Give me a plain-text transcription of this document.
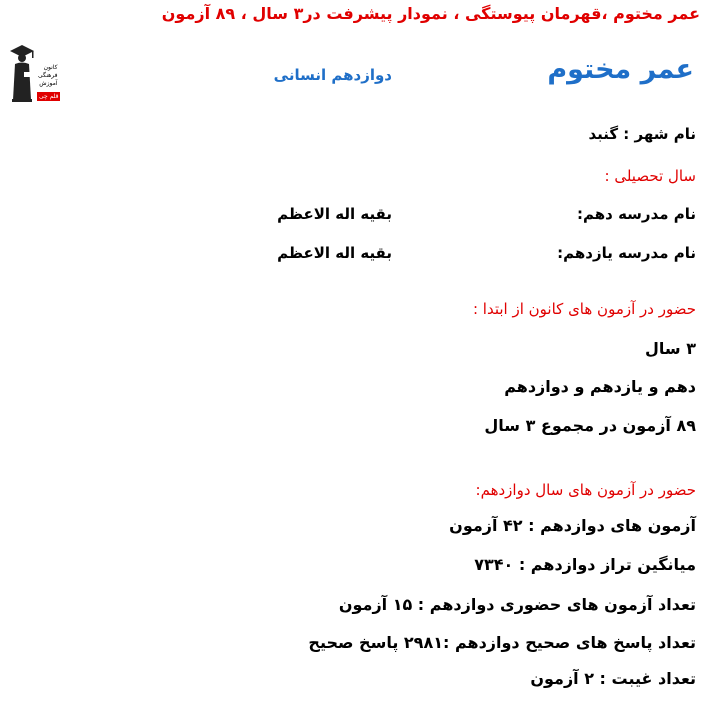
عمر مختوم ،قهرمان پیوستگی ، نمودار پیشرفت در۳ سال ، ۸۹ آزمون
عمر مختوم
دوازدهم انسانی
کانون
فرهنگی
آموزش
قلم چی
نام شهر : گنبد
سال تحصیلی :
نام مدرسه دهم:
بقیه اله الاعظم
نام مدرسه یازدهم:
بقیه اله الاعظم
حضور در آزمون های کانون از ابتدا :
۳ سال
دهم و یازدهم و دوازدهم
۸۹ آزمون در مجموع ۳ سال
حضور در آزمون های سال دوازدهم:
آزمون های دوازدهم : ۴۲ آزمون
میانگین تراز دوازدهم : ۷۳۴۰
تعداد آزمون های حضوری دوازدهم : ۱۵ آزمون
تعداد پاسخ های صحیح دوازدهم :۲۹۸۱ پاسخ صحیح
تعداد غیبت : ۲ آزمون
